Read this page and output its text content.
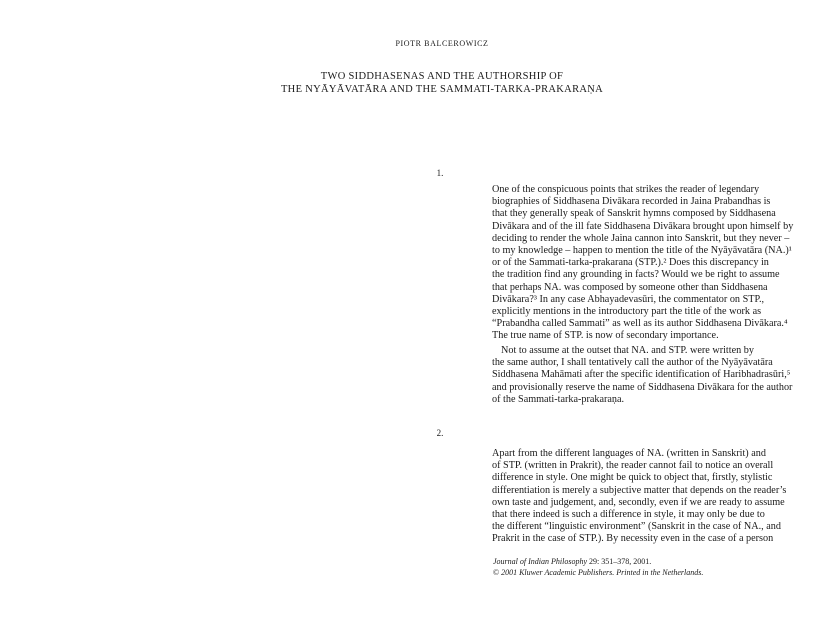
PIOTR BALCEROWICZ
TWO SIDDHASENAS AND THE AUTHORSHIP OF
THE NYĀYĀVATĀRA AND THE SAMMATI-TARKA-PRAKARAṆA
1.
One of the conspicuous points that strikes the reader of legendary
biographies of Siddhasena Divākara recorded in Jaina Prabandhas is
that they generally speak of Sanskrit hymns composed by Siddhasena
Divākara and of the ill fate Siddhasena Divākara brought upon himself by
deciding to render the whole Jaina cannon into Sanskrit, but they never –
to my knowledge – happen to mention the title of the Nyāyāvatāra (NA.)¹
or of the Sammati-tarka-prakarana (STP.).² Does this discrepancy in
the tradition find any grounding in facts? Would we be right to assume
that perhaps NA. was composed by someone other than Siddhasena
Divākara?³ In any case Abhayadevasūri, the commentator on STP.,
explicitly mentions in the introductory part the title of the work as
“Prabandha called Sammati” as well as its author Siddhasena Divākara.⁴
The true name of STP. is now of secondary importance.
Not to assume at the outset that NA. and STP. were written by
the same author, I shall tentatively call the author of the Nyāyāvatāra
Siddhasena Mahāmati after the specific identification of Haribhadrasūri,⁵
and provisionally reserve the name of Siddhasena Divākara for the author
of the Sammati-tarka-prakaraṇa.
2.
Apart from the different languages of NA. (written in Sanskrit) and
of STP. (written in Prakrit), the reader cannot fail to notice an overall
difference in style. One might be quick to object that, firstly, stylistic
differentiation is merely a subjective matter that depends on the reader’s
own taste and judgement, and, secondly, even if we are ready to assume
that there indeed is such a difference in style, it may only be due to
the different “linguistic environment” (Sanskrit in the case of NA., and
Prakrit in the case of STP.). By necessity even in the case of a person
Journal of Indian Philosophy 29: 351–378, 2001.
© 2001 Kluwer Academic Publishers. Printed in the Netherlands.
